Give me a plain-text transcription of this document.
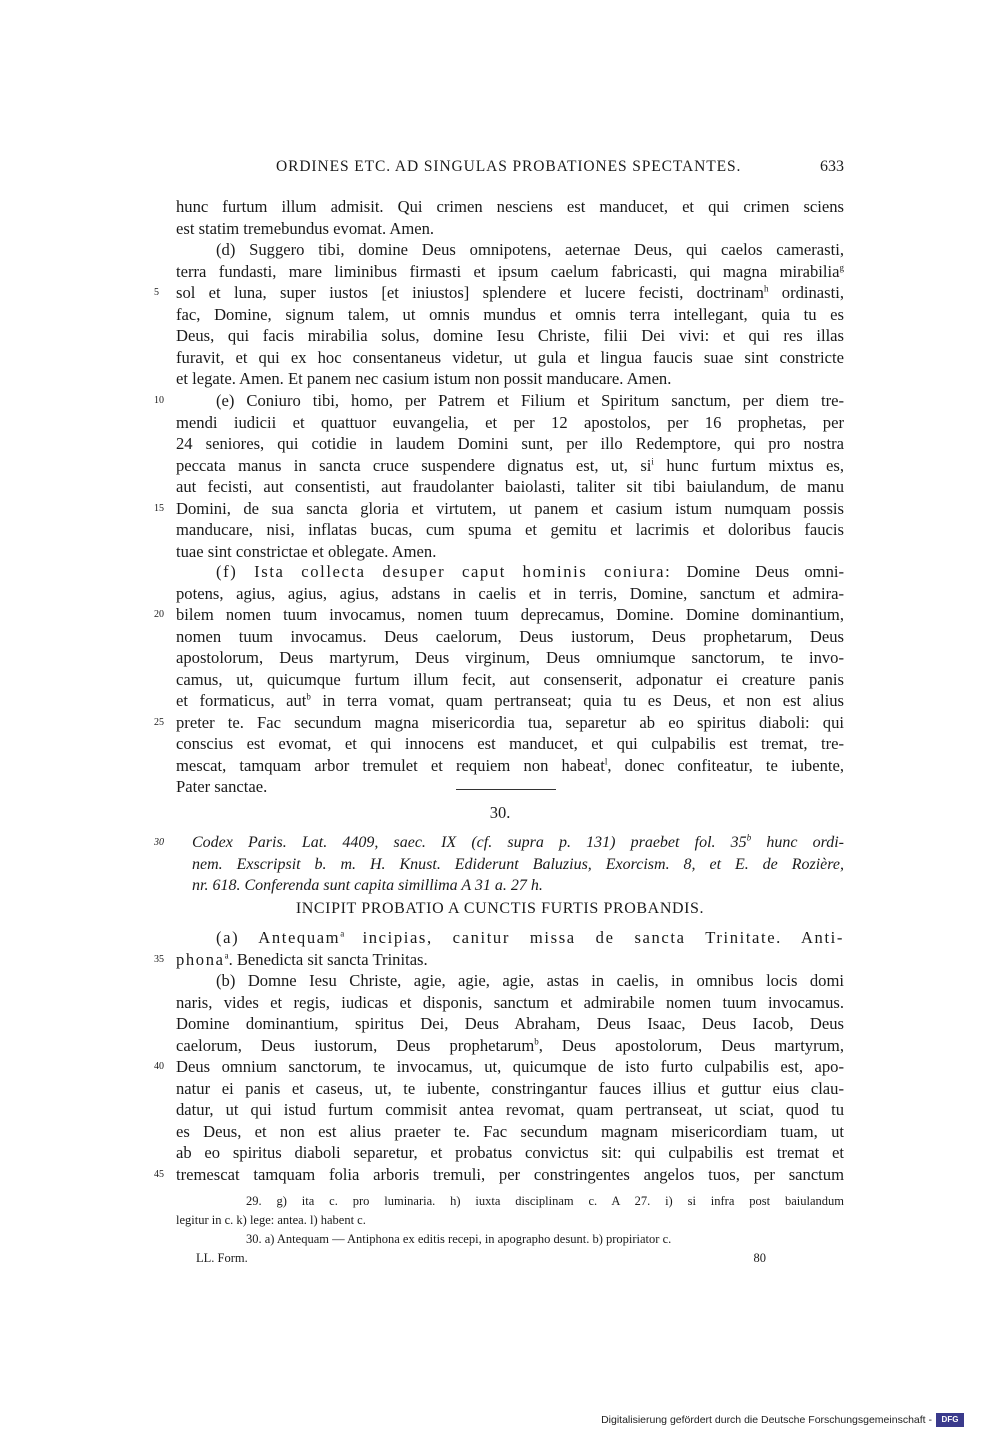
ORDINES ETC. AD SINGULAS PROBATIONES SPECTANTES.	633
hunc furtum illum admisit. Qui crimen nesciens est manducet, et qui crimen sciens
est statim tremebundus evomat. Amen.
(d) Suggero tibi, domine Deus omnipotens, aeternae Deus, qui caelos camerasti,
terra fundasti, mare liminibus firmasti et ipsum caelum fabricasti, qui magna mirabilia$^g$
5 sol et luna, super iustos [et iniustos] splendere et lucere fecisti, doctrinam$^h$ ordinasti,
fac, Domine, signum talem, ut omnis mundus et omnis terra intellegant, quia tu es
Deus, qui facis mirabilia solus, domine Iesu Christe, filii Dei vivi: et qui res illas
furavit, et qui ex hoc consentaneus videtur, ut gula et lingua faucis suae sint constricte
et legate. Amen. Et panem nec casium istum non possit manducare. Amen.
10	(e) Coniuro tibi, homo, per Patrem et Filium et Spiritum sanctum, per diem tre-
mendi iudicii et quattuor euvangelia, et per 12 apostolos, per 16 prophetas, per
24 seniores, qui cotidie in laudem Domini sunt, per illo Redemptore, qui pro nostra
peccata manus in sancta cruce suspendere dignatus est, ut, $si^i$ hunc furtum mixtus es,
aut fecisti, aut consentisti, aut fraudolanter baiolasti, taliter sit tibi baiulandum, de manu
15 Domini, de sua sancta gloria et virtutem, ut panem et casium istum numquam possis
manducare, nisi, inflatas bucas, cum spuma et gemitu et lacrimis et doloribus faucis
tuae sint constrictae et oblegate. Amen.
(f) Ista collecta desuper caput hominis coniura: Domine Deus omni-
potens, agius, agius, agius, adstans in caelis et in terris, Domine, sanctum et admira-
20 bilem nomen tuum invocamus, nomen tuum deprecamus, Domine. Domine dominantium,
nomen tuum invocamus. Deus caelorum, Deus iustorum, Deus prophetarum, Deus
apostolorum, Deus martyrum, Deus virginum, Deus omniumque sanctorum, te invo-
camus, ut, quicumque furtum illum fecit, aut consenserit, adponatur ei creature panis
et formaticus, aut$^b$ in terra vomat, quam pertranseat; quia tu es Deus, et non est alius
25 preter te. Fac secundum magna misericordia tua, separetur ab eo spiritus diaboli: qui
conscius est evomat, et qui innocens est manducet, et qui culpabilis est tremat, tre-
mescat, tamquam arbor tremulet et requiem non habeat$^l$, donec confiteatur, te iubente,
Pater sanctae.
30.
30 Codex Paris. Lat. 4409, saec. IX (cf. supra p. 131) praebet fol. 35$^b$ hunc ordi-
nem. Exscripsit b. m. H. Knust. Ediderunt Baluzius, Exorcism. 8, et E. de Rozière,
nr. 618. Conferenda sunt capita simillima A 31 a. 27 h.
INCIPIT PROBATIO A CUNCTIS FURTIS PROBANDIS.
(a) Antequam$^a$ incipias, canitur missa de sancta Trinitate. Anti-
35 phona$^a$. Benedicta sit sancta Trinitas.
(b) Domne Iesu Christe, agie, agie, agie, astas in caelis, in omnibus locis domi
naris, vides et regis, iudicas et disponis, sanctum et admirabile nomen tuum invocamus.
Domine dominantium, spiritus Dei, Deus Abraham, Deus Isaac, Deus Iacob, Deus
caelorum, Deus iustorum, Deus prophetarum$^b$, Deus apostolorum, Deus martyrum,
40 Deus omnium sanctorum, te invocamus, ut, quicumque de isto furto culpabilis est, apo-
natur ei panis et caseus, ut, te iubente, constringantur fauces illius et guttur eius clau-
datur, ut qui istud furtum commisit antea revomat, quam pertranseat, ut sciat, quod tu
es Deus, et non est alius praeter te. Fac secundum magnam misericordiam tuam, ut
ab eo spiritus diaboli separetur, et probatus convictus sit: qui culpabilis est tremat et
45 tremescat tamquam folia arboris tremuli, per constringentes angelos tuos, per sanctum
29. g) ita c. pro luminaria. h) iuxta disciplinam c. A 27. i) si infra post baiulandum
legitur in c. k) lege: antea. l) habent c.
30. a) Antequam — Antiphona ex editis recepi, in apographo desunt. b) propiriator c.
LL. Form.	80
Digitalisierung gefördert durch die Deutsche Forschungsgemeinschaft -	DFG
